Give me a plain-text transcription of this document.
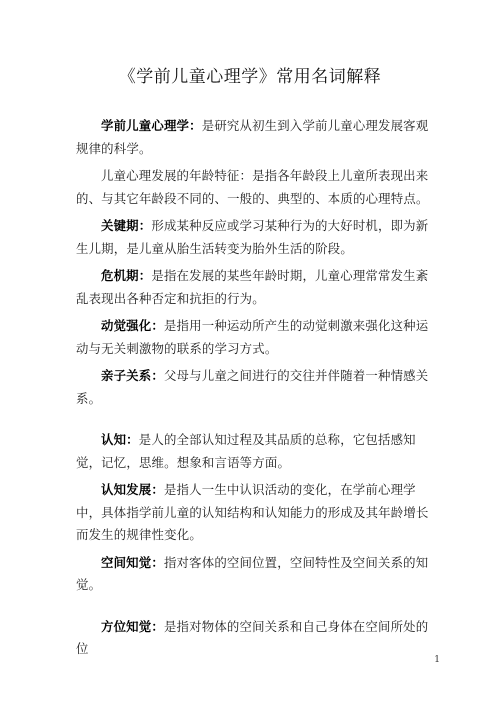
《学前儿童心理学》常用名词解释

学前儿童心理学：是研究从初生到入学前儿童心理发展客观规律的科学。

儿童心理发展的年龄特征：是指各年龄段上儿童所表现出来的、与其它年龄段不同的、一般的、典型的、本质的心理特点。

关键期：形成某种反应或学习某种行为的大好时机，即为新生儿期，是儿童从胎生活转变为胎外生活的阶段。

危机期：是指在发展的某些年龄时期，儿童心理常常发生紊乱表现出各种否定和抗拒的行为。

动觉强化：是指用一种运动所产生的动觉刺激来强化这种运动与无关刺激物的联系的学习方式。

亲子关系：父母与儿童之间进行的交往并伴随着一种情感关系。

认知：是人的全部认知过程及其品质的总称，它包括感知觉，记忆，思维。想象和言语等方面。

认知发展：是指人一生中认识活动的变化，在学前心理学中，具体指学前儿童的认知结构和认知能力的形成及其年龄增长而发生的规律性变化。

空间知觉：指对客体的空间位置，空间特性及空间关系的知觉。

方位知觉：是指对物体的空间关系和自己身体在空间所处的位

1
